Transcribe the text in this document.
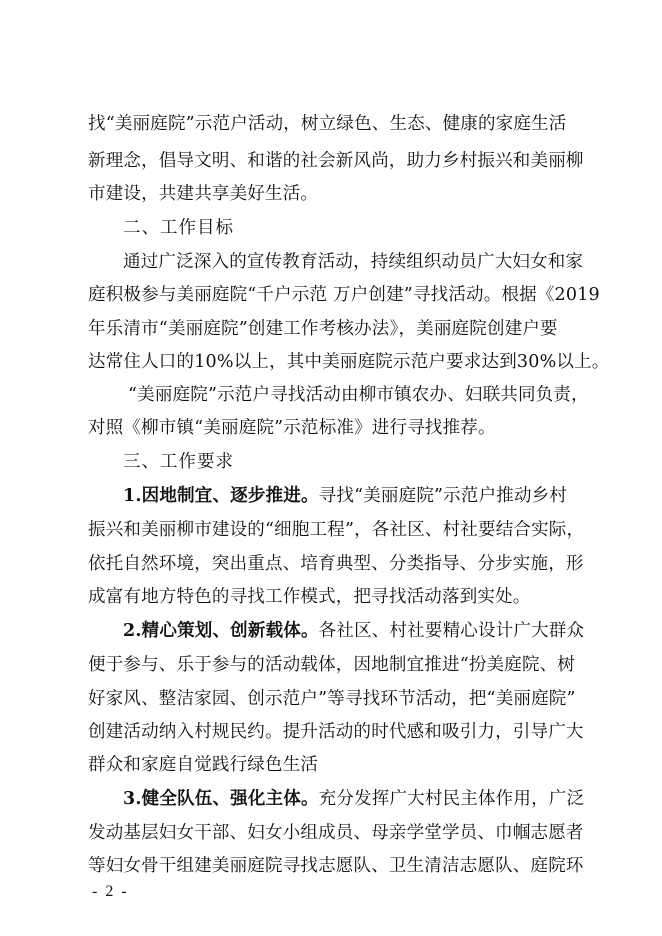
找“美丽庭院”示范户活动，树立绿色、生态、健康的家庭生活
新理念，倡导文明、和谐的社会新风尚，助力乡村振兴和美丽柳
市建设，共建共享美好生活。
二、工作目标
通过广泛深入的宣传教育活动，持续组织动员广大妇女和家
庭积极参与美丽庭院“千户示范 万户创建”寻找活动。根据《2019
年乐清市“美丽庭院”创建工作考核办法》，美丽庭院创建户要
达常住人口的10%以上，其中美丽庭院示范户要求达到30%以上。
“美丽庭院”示范户寻找活动由柳市镇农办、妇联共同负责，
对照《柳市镇“美丽庭院”示范标准》进行寻找推荐。
三、工作要求
1.因地制宜、逐步推进。寻找“美丽庭院”示范户推动乡村
振兴和美丽柳市建设的“细胞工程”，各社区、村社要结合实际，
依托自然环境，突出重点、培育典型、分类指导、分步实施，形
成富有地方特色的寻找工作模式，把寻找活动落到实处。
2.精心策划、创新载体。各社区、村社要精心设计广大群众
便于参与、乐于参与的活动载体，因地制宜推进“扮美庭院、树
好家风、整洁家园、创示范户”等寻找环节活动，把“美丽庭院”
创建活动纳入村规民约。提升活动的时代感和吸引力，引导广大
群众和家庭自觉践行绿色生活
3.健全队伍、强化主体。充分发挥广大村民主体作用，广泛
发动基层妇女干部、妇女小组成员、母亲学堂学员、巾帼志愿者
等妇女骨干组建美丽庭院寻找志愿队、卫生清洁志愿队、庭院环
- 2 -
